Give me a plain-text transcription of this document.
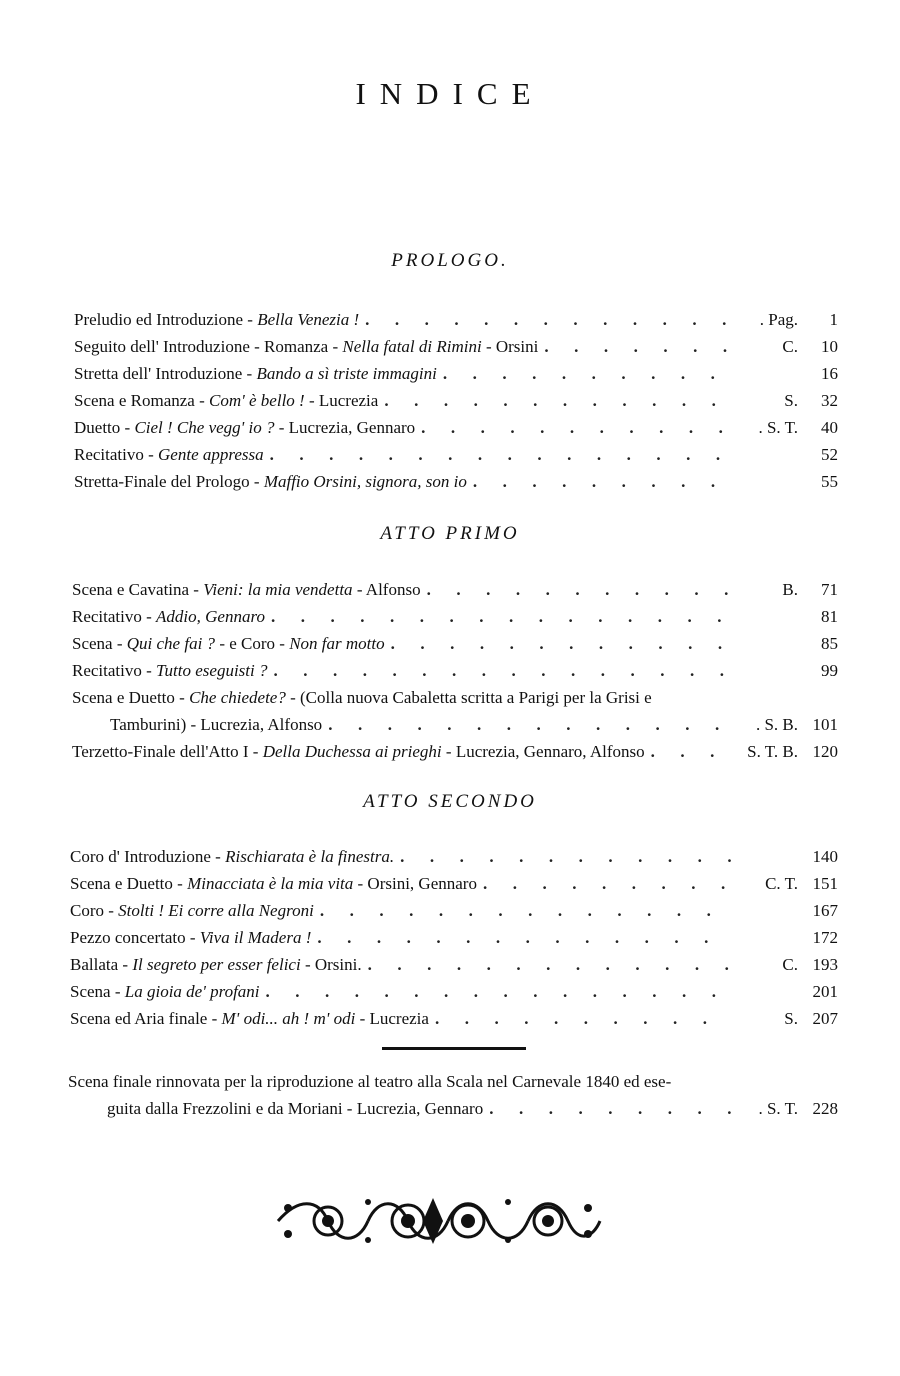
INDICE
PROLOGO.
Preludio ed Introduzione - Bella Venezia ! .	. Pag.	1
Seguito dell' Introduzione - Romanza - Nella fatal di Rimini - Orsini .	C.	10
Stretta dell' Introduzione - Bando a sì triste immagini .	16
Scena e Romanza - Com' è bello ! - Lucrezia .	S.	32
Duetto - Ciel ! Che vegg' io ? - Lucrezia, Gennaro .	. S. T.	40
Recitativo - Gente appressa .	52
Stretta-Finale del Prologo - Maffio Orsini, signora, son io .	55
ATTO PRIMO
Scena e Cavatina - Vieni: la mia vendetta - Alfonso .	B.	71
Recitativo - Addio, Gennaro .	81
Scena - Qui che fai ? - e Coro - Non far motto .	85
Recitativo - Tutto eseguisti ? .	99
Scena e Duetto - Che chiedete? - (Colla nuova Cabaletta scritta a Parigi per la Grisi e
Tamburini) - Lucrezia, Alfonso .	. S. B. 101
Terzetto-Finale dell'Atto I - Della Duchessa ai prieghi - Lucrezia, Gennaro, Alfonso .	S. T. B. 120
ATTO SECONDO
Coro d' Introduzione - Rischiarata è la finestra. .	140
Scena e Duetto - Minacciata è la mia vita - Orsini, Gennaro .	C. T. 151
Coro - Stolti ! Ei corre alla Negroni .	167
Pezzo concertato - Viva il Madera ! .	172
Ballata - Il segreto per esser felici - Orsini. .	C. 193
Scena - La gioia de' profani .	201
Scena ed Aria finale - M' odi... ah ! m' odi - Lucrezia .	S. 207
Scena finale rinnovata per la riproduzione al teatro alla Scala nel Carnevale 1840 ed ese-
guita dalla Frezzolini e da Moriani - Lucrezia, Gennaro .	. S. T. 228
